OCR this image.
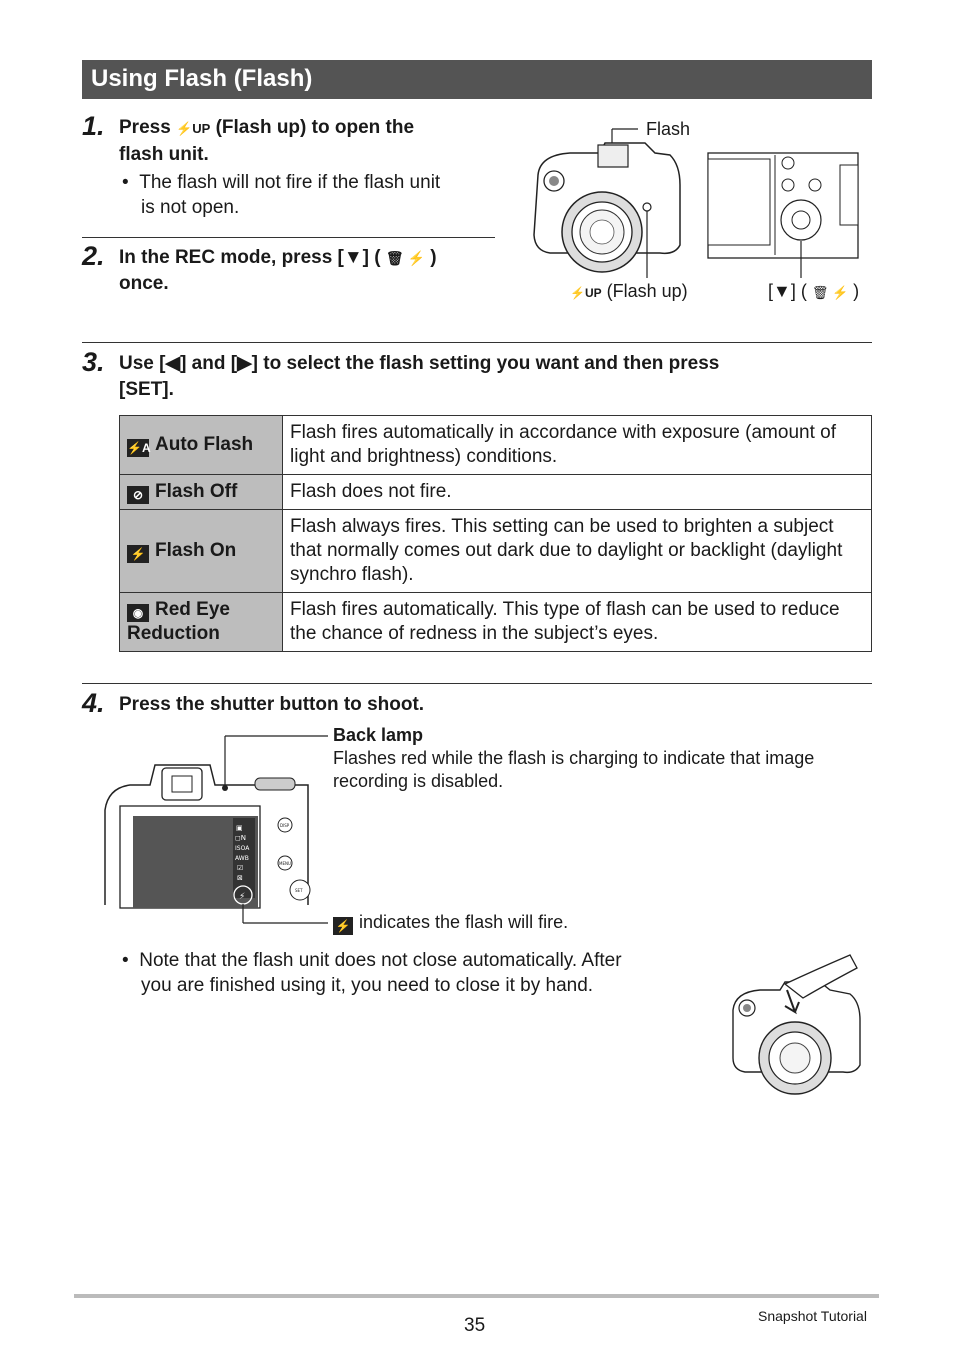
Using Flash (Flash)
1. Press ⚡UP (Flash up) to open the
flash unit.
•  The flash will not fire if the flash unit
is not open.
2. In the REC mode, press [▼] ( 🗑 ⚡ )
once.
Flash
⚡UP (Flash up)	[▼] ( 🗑 ⚡ )
3. Use [◀] and [▶] to select the flash setting you want and then press
[SET].
⚡A Auto Flash	Flash fires automatically in accordance with exposure (amount of light and brightness) conditions.
⊘ Flash Off	Flash does not fire.
⚡ Flash On	Flash always fires. This setting can be used to brighten a subject that normally comes out dark due to daylight or backlight (daylight synchro flash).
◉ Red Eye Reduction	Flash fires automatically. This type of flash can be used to reduce the chance of redness in the subject’s eyes.
4. Press the shutter button to shoot.
▣
◻N
ISOA
AWB
☑
⊠
⚡
DISP
MENU
SET
Back lamp
Flashes red while the flash is charging to indicate that image
recording is disabled.
⚡ indicates the flash will fire.
•  Note that the flash unit does not close automatically. After
you are finished using it, you need to close it by hand.
35	Snapshot Tutorial
